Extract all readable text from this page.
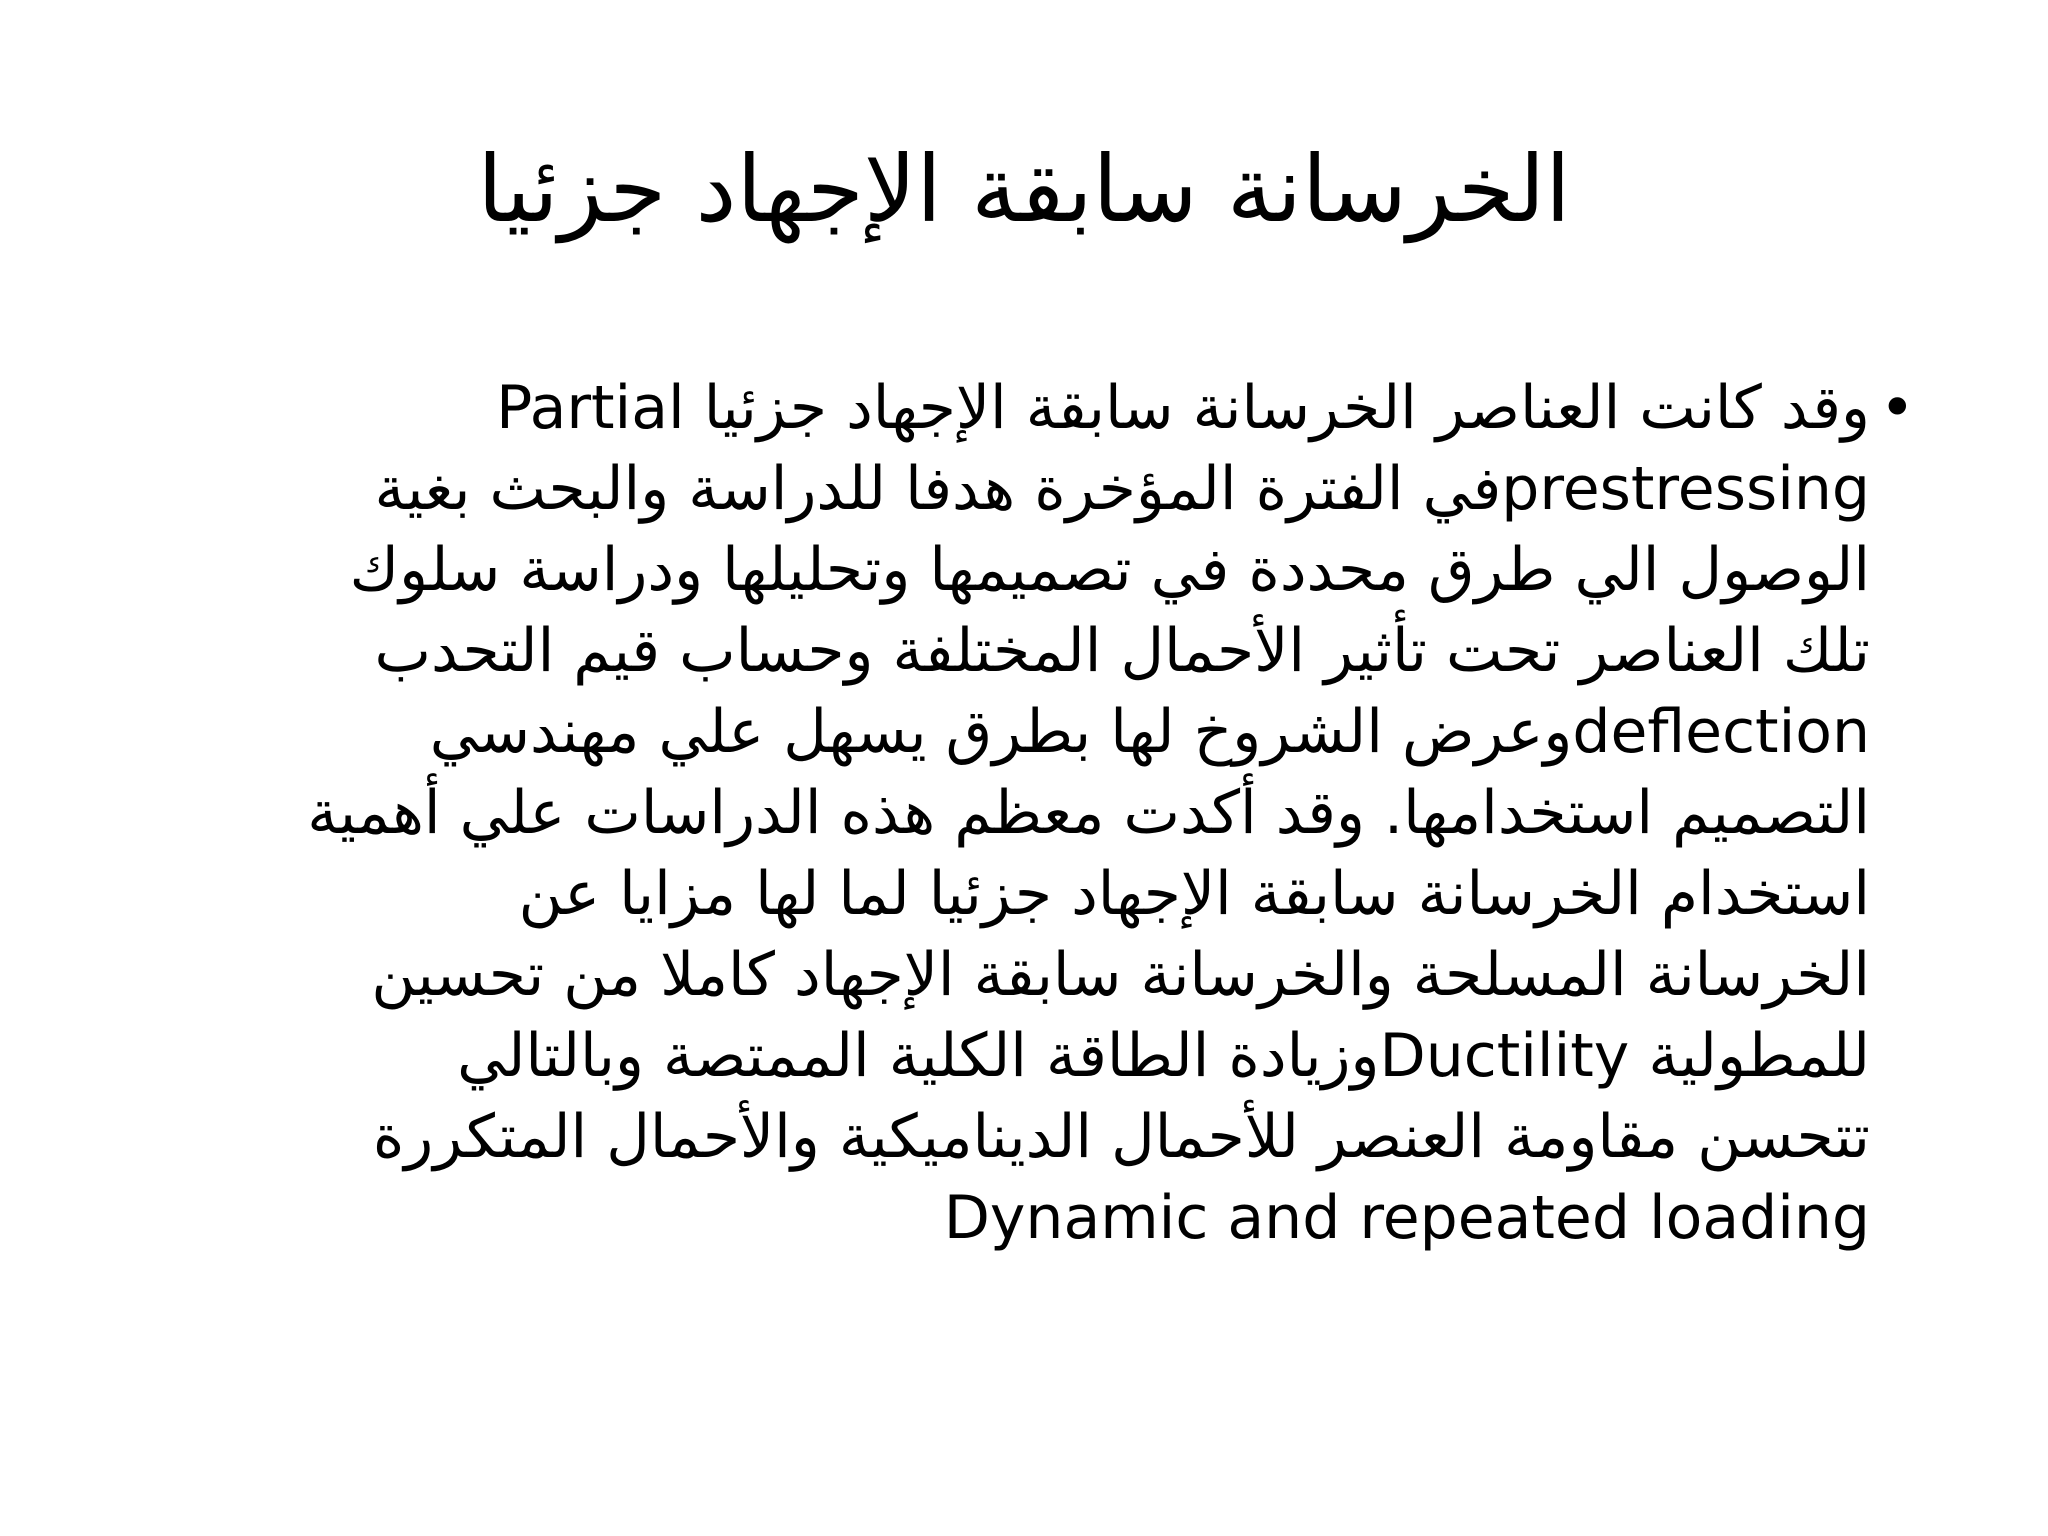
الخرسانة سابقة الإجهاد جزئيا
•

وقد كانت العناصر الخرسانة سابقة الإجهاد جزئيا Partial
prestressingفي الفترة المؤخرة هدفا للدراسة والبحث بغية
الوصول الي طرق محددة في تصميمها وتحليلها ودراسة سلوك
تلك العناصر تحت تأثير الأحمال المختلفة وحساب قيم التحدب
deflectionوعرض الشروخ لها بطرق يسهل علي مهندسي
التصميم استخدامها. وقد أكدت معظم هذه الدراسات علي أهمية
استخدام الخرسانة سابقة الإجهاد جزئيا لما لها مزايا عن
الخرسانة المسلحة والخرسانة سابقة الإجهاد كاملا من تحسين
للمطولية Ductilityوزيادة الطاقة الكلية الممتصة وبالتالي
تتحسن مقاومة العنصر للأحمال الديناميكية والأحمال المتكررة
Dynamic and repeated loading
